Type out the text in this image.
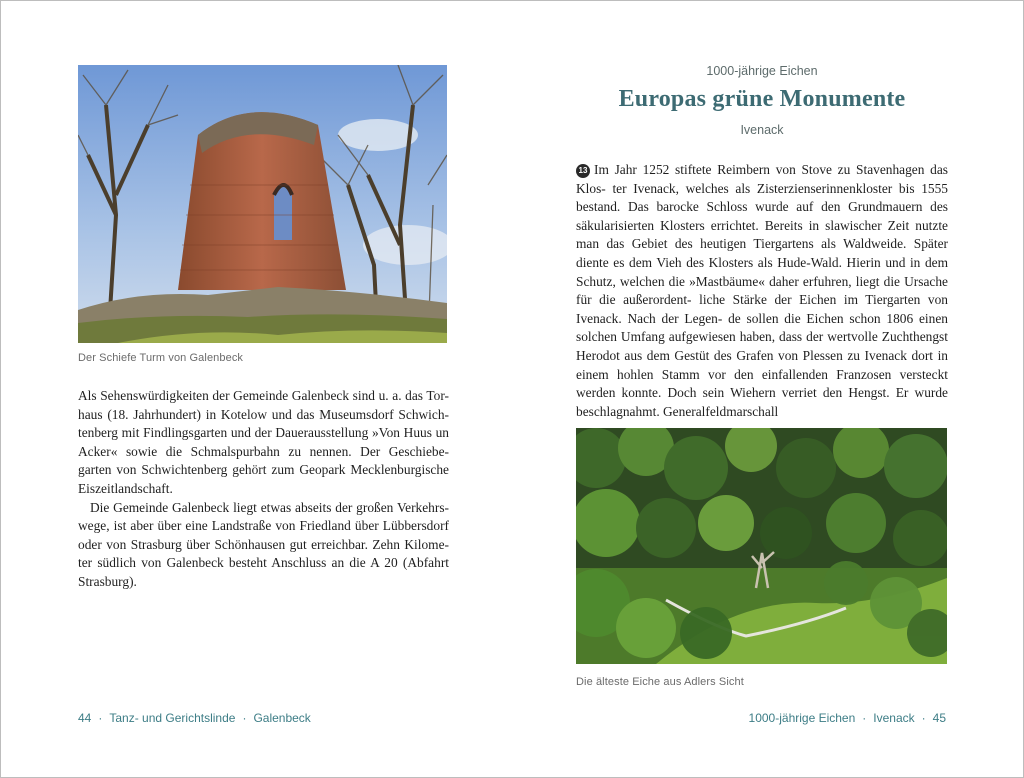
Der Schiefe Turm von Galenbeck

Als Sehenswürdigkeiten der Gemeinde Galenbeck sind u. a. das Tor- haus (18. Jahrhundert) in Kotelow und das Museumsdorf Schwich- tenberg mit Findlingsgarten und der Dauerausstellung »Von Huus un Acker« sowie die Schmalspurbahn zu nennen. Der Geschiebe- garten von Schwichtenberg gehört zum Geopark Mecklenburgische Eiszeitlandschaft.

Die Gemeinde Galenbeck liegt etwas abseits der großen Verkehrs- wege, ist aber über eine Landstraße von Friedland über Lübbersdorf oder von Strasburg über Schönhausen gut erreichbar. Zehn Kilome- ter südlich von Galenbeck besteht Anschluss an die A 20 (Abfahrt Strasburg).

44 · Tanz- und Gerichtslinde · Galenbeck
1000-jährige Eichen
Europas grüne Monumente
Ivenack

13 Im Jahr 1252 stiftete Reimbern von Stove zu Stavenhagen das Klos- ter Ivenack, welches als Zisterzienserinnenkloster bis 1555 bestand. Das barocke Schloss wurde auf den Grundmauern des säkularisierten Klosters errichtet. Bereits in slawischer Zeit nutzte man das Gebiet des heutigen Tiergartens als Waldweide. Später diente es dem Vieh des Klosters als Hude-Wald. Hierin und in dem Schutz, welchen die »Mastbäume« daher erfuhren, liegt die Ursache für die außerordent- liche Stärke der Eichen im Tiergarten von Ivenack. Nach der Legen- de sollen die Eichen schon 1806 einen solchen Umfang aufgewiesen haben, dass der wertvolle Zuchthengst Herodot aus dem Gestüt des Grafen von Plessen zu Ivenack dort in einem hohlen Stamm vor den einfallenden Franzosen versteckt werden konnte. Doch sein Wiehern verriet den Hengst. Er wurde beschlagnahmt. Generalfeldmarschall

Die älteste Eiche aus Adlers Sicht
1000-jährige Eichen · Ivenack · 45
